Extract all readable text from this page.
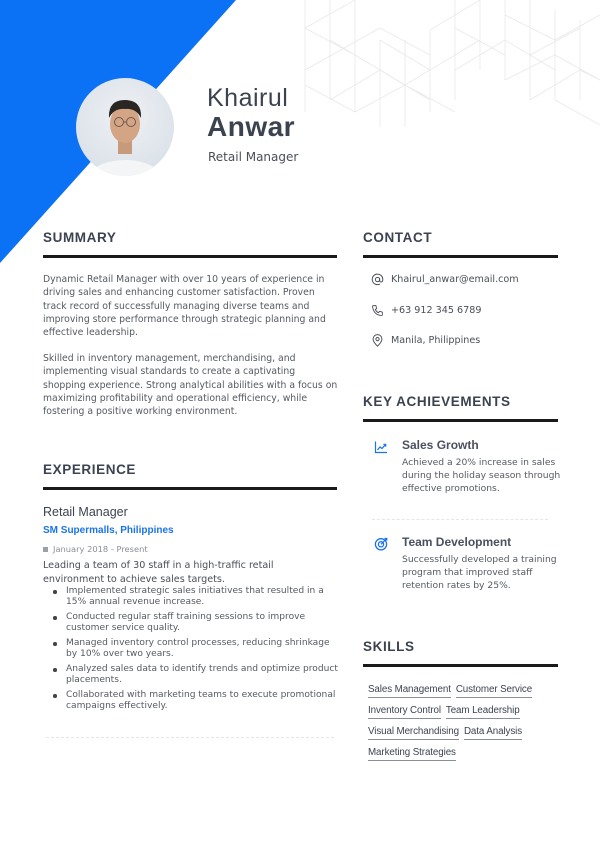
Khairul
Anwar
Retail Manager
SUMMARY

Dynamic Retail Manager with over 10 years of experience in driving sales and enhancing customer satisfaction. Proven track record of successfully managing diverse teams and improving store performance through strategic planning and effective leadership.

Skilled in inventory management, merchandising, and implementing visual standards to create a captivating shopping experience. Strong analytical abilities with a focus on maximizing profitability and operational efficiency, while fostering a positive working environment.

EXPERIENCE
Retail Manager
SM Supermalls, Philippines
January 2018 - Present

Leading a team of 30 staff in a high-traffic retail environment to achieve sales targets.

Implemented strategic sales initiatives that resulted in a 15% annual revenue increase.
Conducted regular staff training sessions to improve customer service quality.
Managed inventory control processes, reducing shrinkage by 10% over two years.
Analyzed sales data to identify trends and optimize product placements.
Collaborated with marketing teams to execute promotional campaigns effectively.
CONTACT
Khairul_anwar@email.com
+63 912 345 6789
Manila, Philippines
KEY ACHIEVEMENTS
Sales Growth

Achieved a 20% increase in sales during the holiday season through effective promotions.

Team Development

Successfully developed a training program that improved staff retention rates by 25%.

SKILLS
Sales Management Customer Service
Inventory Control Team Leadership
Visual Merchandising Data Analysis
Marketing Strategies
